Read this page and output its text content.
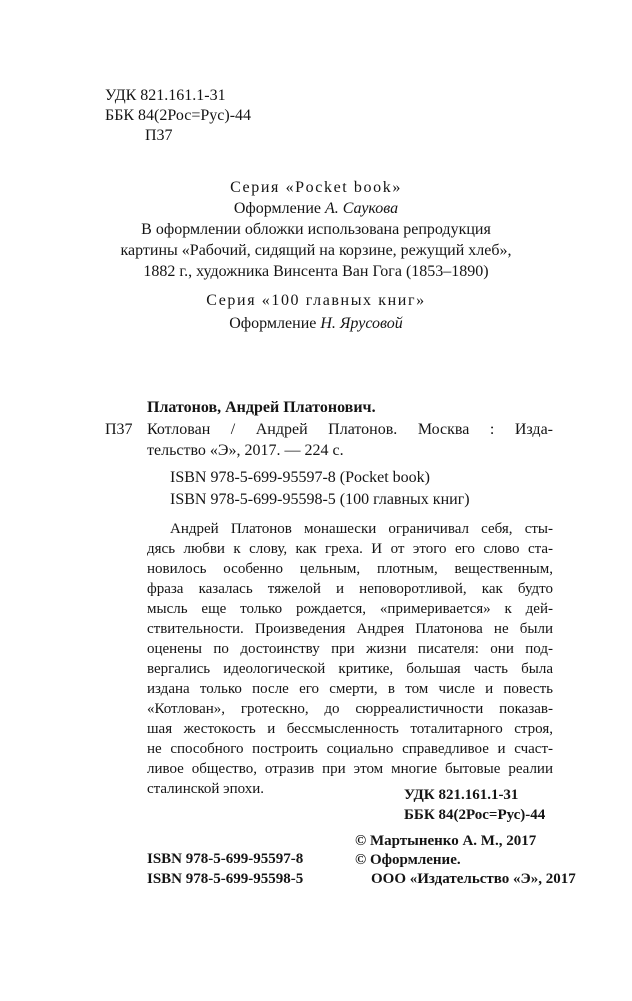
УДК 821.161.1-31
ББК 84(2Рос=Рус)-44
П37
Серия «Pocket book»
Оформление А. Саукова
В оформлении обложки использована репродукция
картины «Рабочий, сидящий на корзине, режущий хлеб»,
1882 г., художника Винсента Ван Гога (1853–1890)
Серия «100 главных книг»
Оформление Н. Ярусовой
Платонов, Андрей Платонович.
П37 Котлован / Андрей Платонов. Москва : Изда-
тельство «Э», 2017. — 224 с.
ISBN 978-5-699-95597-8 (Pocket book)
ISBN 978-5-699-95598-5 (100 главных книг)
Андрей Платонов монашески ограничивал себя, сты-
дясь любви к слову, как греха. И от этого его слово ста-
новилось особенно цельным, плотным, вещественным,
фраза казалась тяжелой и неповоротливой, как будто
мысль еще только рождается, «примеривается» к дей-
ствительности. Произведения Андрея Платонова не были
оценены по достоинству при жизни писателя: они под-
вергались идеологической критике, большая часть была
издана только после его смерти, в том числе и повесть
«Котлован», гротескно, до сюрреалистичности показав-
шая жестокость и бессмысленность тоталитарного строя,
не способного построить социально справедливое и счаст-
ливое общество, отразив при этом многие бытовые реалии
сталинской эпохи.	УДК 821.161.1-31
ББК 84(2Рос=Рус)-44
ISBN 978-5-699-95597-8
ISBN 978-5-699-95598-5
© Мартыненко А. М., 2017
© Оформление.
ООО «Издательство «Э», 2017
